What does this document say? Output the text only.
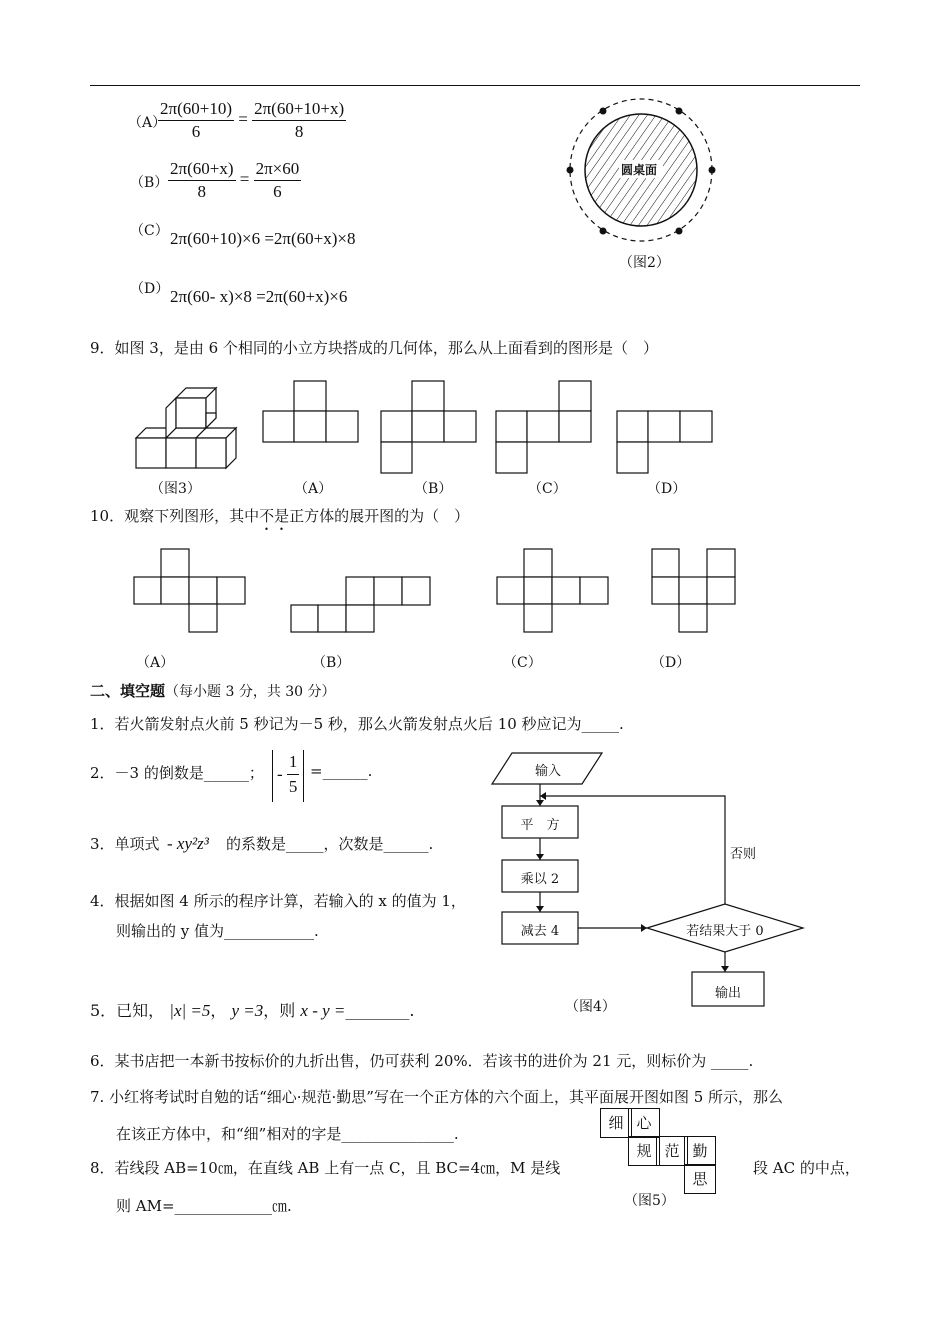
（A）
$\frac{2\pi(60+10)}{6} = \frac{2\pi(60+10+x)}{8}$
$(B) \frac{2\pi(60+x)}{8} = \frac{2\pi\times 60}{6}$
（C） 2π(60+10)×6 =2π(60+x)×8
（D） 2π(60- x)×8 =2π(60+x)×6
圆桌面
（图2）
9．如图 3，是由 6 个相同的小立方块搭成的几何体，那么从上面看到的图形是（　）
（图3）	（A）	（B）	（C）	（D）
10．观察下列图形，其中不是正方体的展开图的为（　）
（A）	（B）	（C）	（D）
二、填空题（每小题 3 分，共 30 分）
1．若火箭发射点火前 5 秒记为－5 秒，那么火箭发射点火后 10 秒应记为_____.
2．－3 的倒数是______； - $\frac{1}{5}$ =______.
3．单项式 - xy²z³ 的系数是_____，次数是______.
4．根据如图 4 所示的程序计算，若输入的 x 的值为 1，
则输出的 y 值为____________.
5．已知， |x| =5， y =3，则 x - y =________.
输入
平　方
乘以 2
减去 4	若结果大于 0
否则
输出
（图4）
6．某书店把一本新书按标价的九折出售，仍可获利 20%．若该书的进价为 21 元，则标价为 _____.
7. 小红将考试时自勉的话“细心·规范·勤思”写在一个正方体的六个面上，其平面展开图如图 5 所示，那么
在该正方体中，和“细”相对的字是_______________.
细 心
规 范 勤
思
（图5）
8．若线段 AB=10㎝，在直线 AB 上有一点 C，且 BC=4㎝，M 是线	段 AC 的中点，
则 AM=_____________㎝.
